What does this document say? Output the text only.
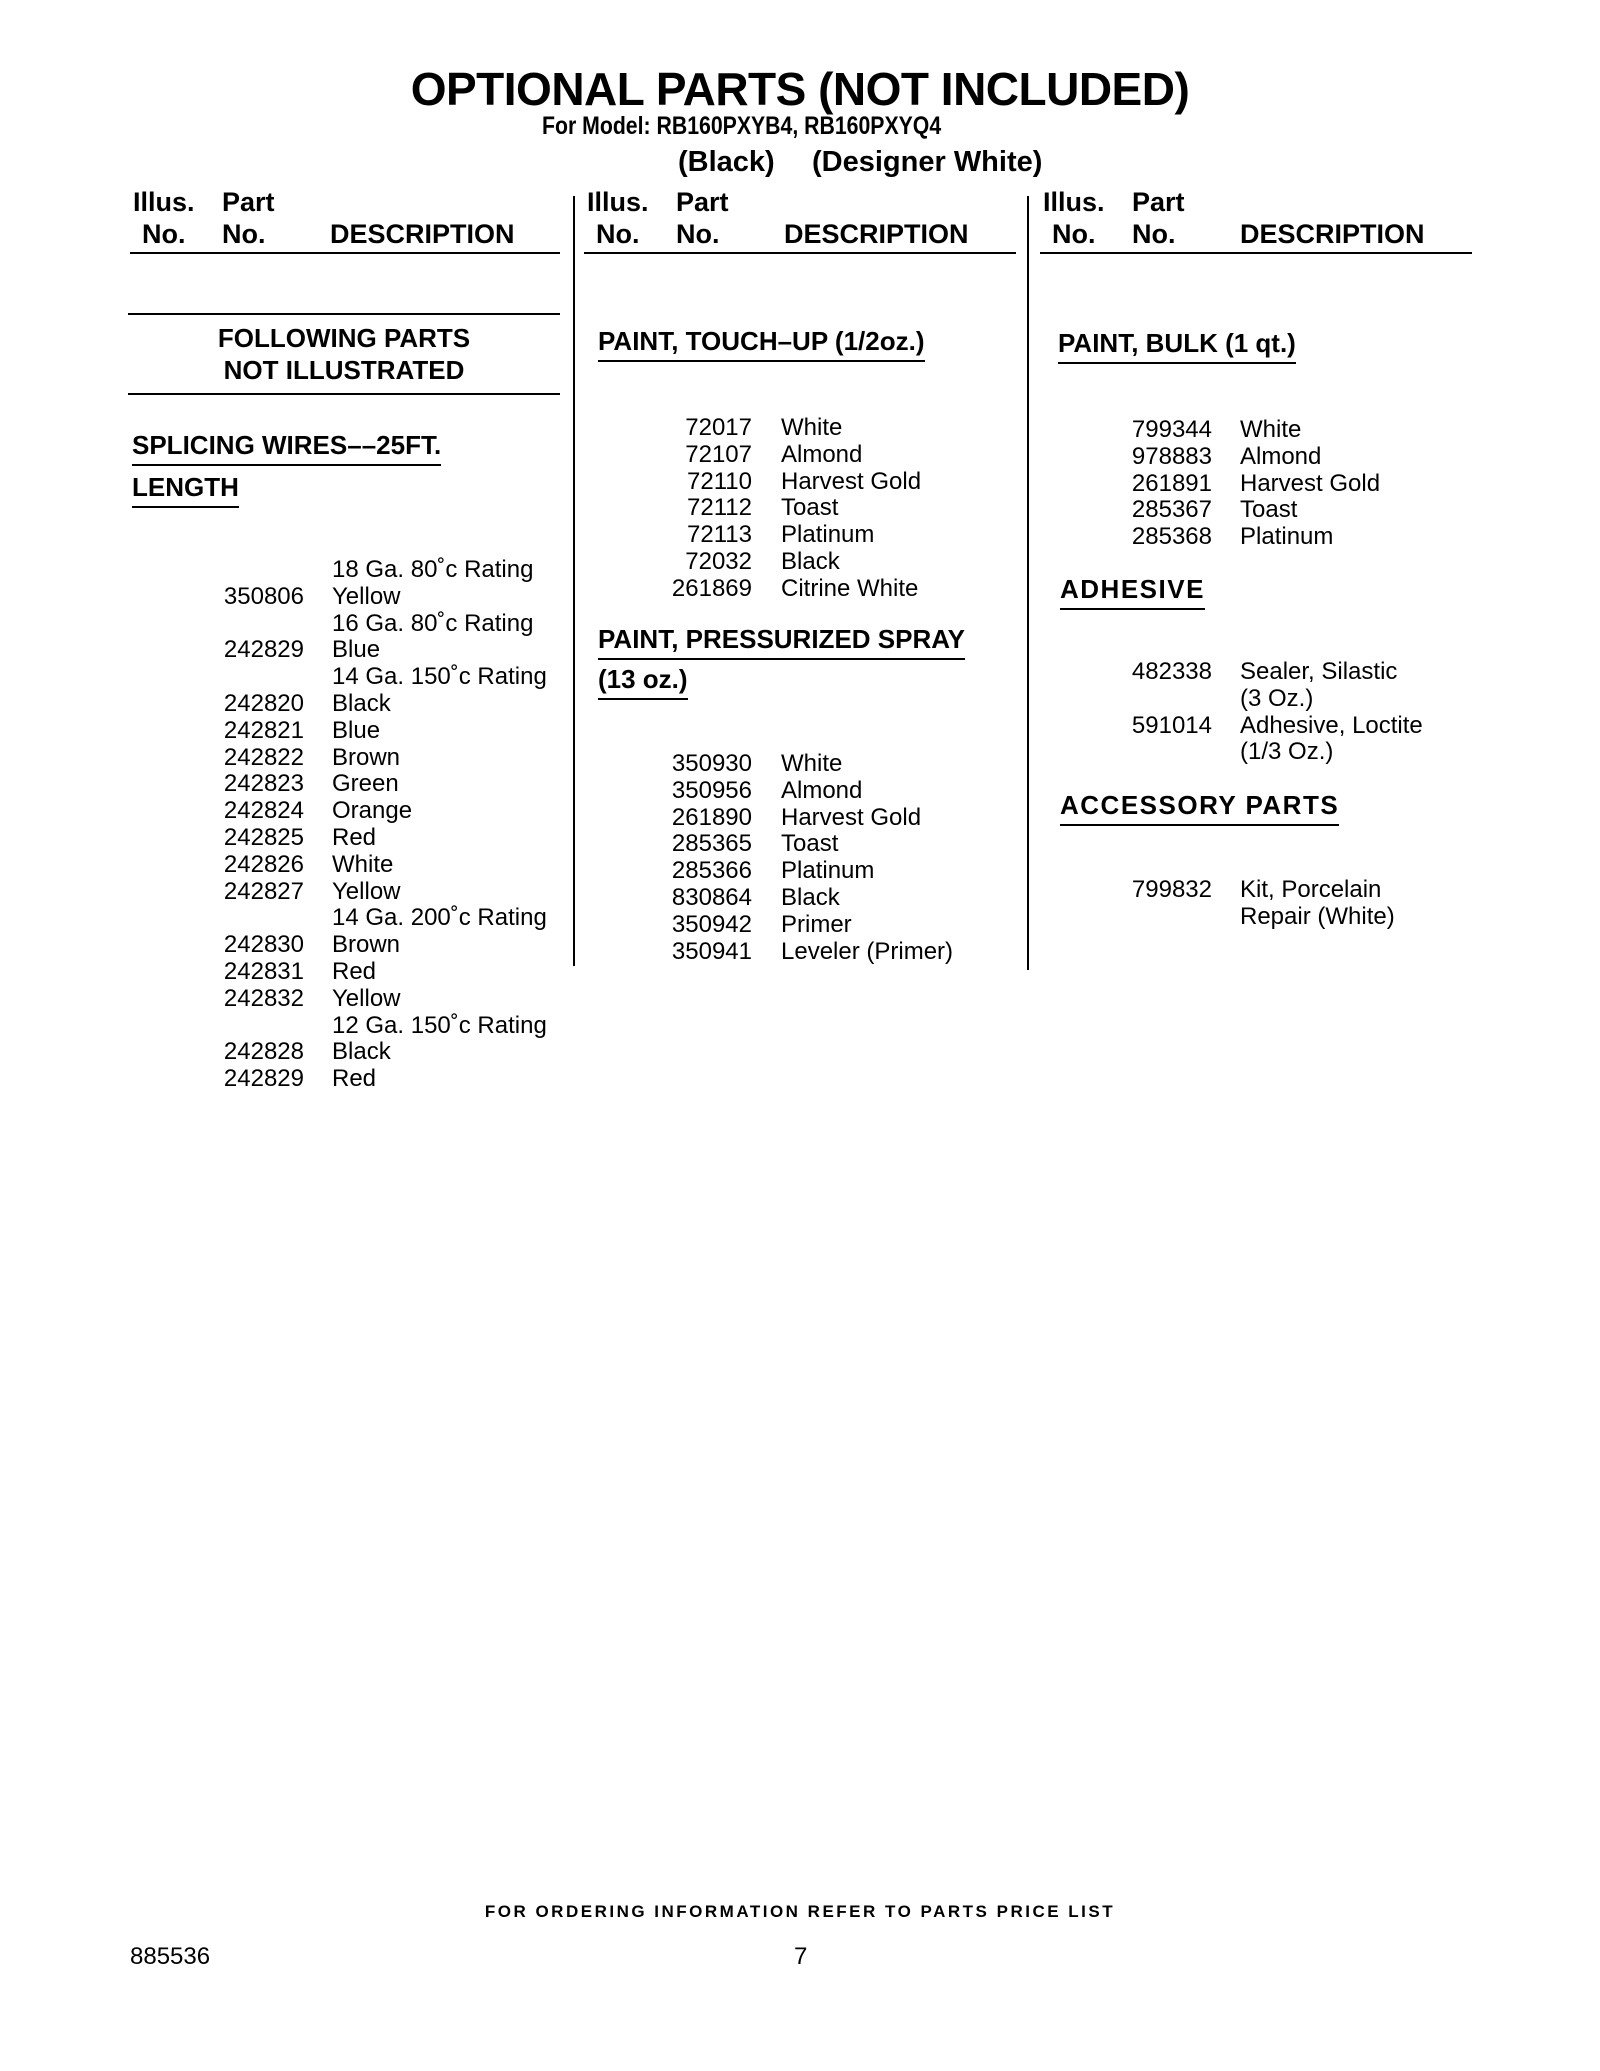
OPTIONAL PARTS (NOT INCLUDED)
For Model: RB160PXYB4, RB160PXYQ4
(Black) (Designer White)
Illus. Part
No. No. DESCRIPTION
Illus. Part
No. No. DESCRIPTION
Illus. Part
No. No. DESCRIPTION
FOLLOWING PARTS
NOT ILLUSTRATED
SPLICING WIRES––25FT.
LENGTH
18 Ga. 80˚c Rating
Yellow
350806
16 Ga. 80˚c Rating
Blue
242829
14 Ga. 150˚c Rating
Black
242820
Blue
242821
Brown
242822
Green
242823
Orange
242824
Red
242825
White
242826
Yellow
242827
14 Ga. 200˚c Rating
Brown
242830
Red
242831
Yellow
242832
12 Ga. 150˚c Rating
Black
242828
Red
242829
PAINT, TOUCH–UP (1/2oz.)
White
72017
Almond
72107
Harvest Gold
72110
Toast
72112
Platinum
72113
Black
72032
Citrine White
261869
PAINT, PRESSURIZED SPRAY
(13 oz.)
White
350930
Almond
350956
Harvest Gold
261890
Toast
285365
Platinum
285366
Black
830864
Primer
350942
Leveler (Primer)
350941
PAINT, BULK (1 qt.)
White
799344
Almond
978883
Harvest Gold
261891
Toast
285367
Platinum
285368
ADHESIVE
Sealer, Silastic
482338
(3 Oz.)
Adhesive, Loctite
591014
(1/3 Oz.)
ACCESSORY PARTS
Kit, Porcelain
799832
Repair (White)
FOR ORDERING INFORMATION REFER TO PARTS PRICE LIST
885536	7
